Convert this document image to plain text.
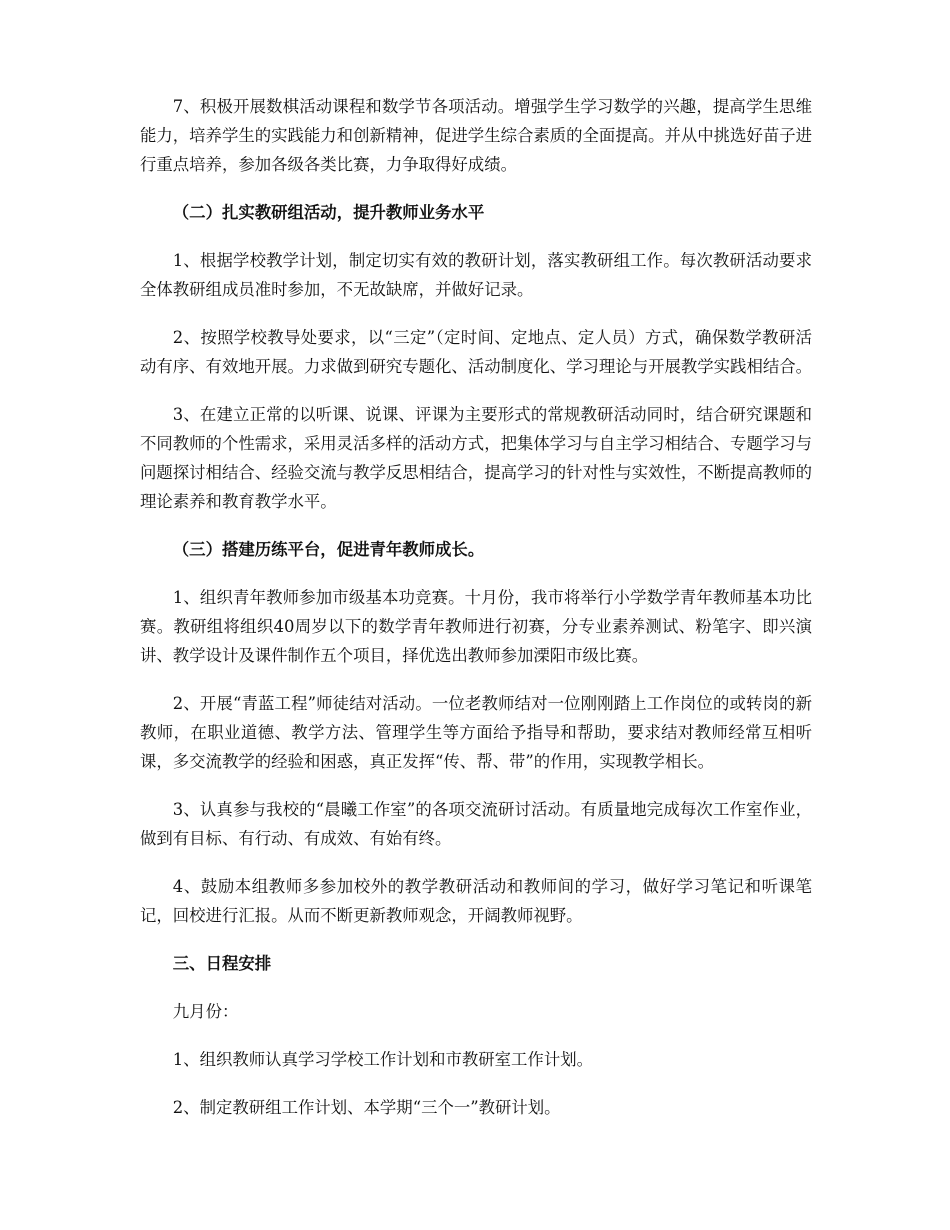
7、积极开展数棋活动课程和数学节各项活动。增强学生学习数学的兴趣，提高学生思维能力，培养学生的实践能力和创新精神，促进学生综合素质的全面提高。并从中挑选好苗子进行重点培养，参加各级各类比赛，力争取得好成绩。

（二）扎实教研组活动，提升教师业务水平

1、根据学校教学计划，制定切实有效的教研计划，落实教研组工作。每次教研活动要求全体教研组成员准时参加，不无故缺席，并做好记录。

2、按照学校教导处要求，以“三定”（定时间、定地点、定人员）方式，确保数学教研活动有序、有效地开展。力求做到研究专题化、活动制度化、学习理论与开展教学实践相结合。

3、在建立正常的以听课、说课、评课为主要形式的常规教研活动同时，结合研究课题和不同教师的个性需求，采用灵活多样的活动方式，把集体学习与自主学习相结合、专题学习与问题探讨相结合、经验交流与教学反思相结合，提高学习的针对性与实效性，不断提高教师的理论素养和教育教学水平。

（三）搭建历练平台，促进青年教师成长。

1、组织青年教师参加市级基本功竞赛。十月份，我市将举行小学数学青年教师基本功比赛。教研组将组织40周岁以下的数学青年教师进行初赛，分专业素养测试、粉笔字、即兴演讲、教学设计及课件制作五个项目，择优选出教师参加溧阳市级比赛。

2、开展“青蓝工程”师徒结对活动。一位老教师结对一位刚刚踏上工作岗位的或转岗的新教师，在职业道德、教学方法、管理学生等方面给予指导和帮助，要求结对教师经常互相听课，多交流教学的经验和困惑，真正发挥“传、帮、带”的作用，实现教学相长。

3、认真参与我校的“晨曦工作室”的各项交流研讨活动。有质量地完成每次工作室作业，做到有目标、有行动、有成效、有始有终。

4、鼓励本组教师多参加校外的教学教研活动和教师间的学习，做好学习笔记和听课笔记，回校进行汇报。从而不断更新教师观念，开阔教师视野。

三、日程安排

九月份：

1、组织教师认真学习学校工作计划和市教研室工作计划。

2、制定教研组工作计划、本学期“三个一”教研计划。
